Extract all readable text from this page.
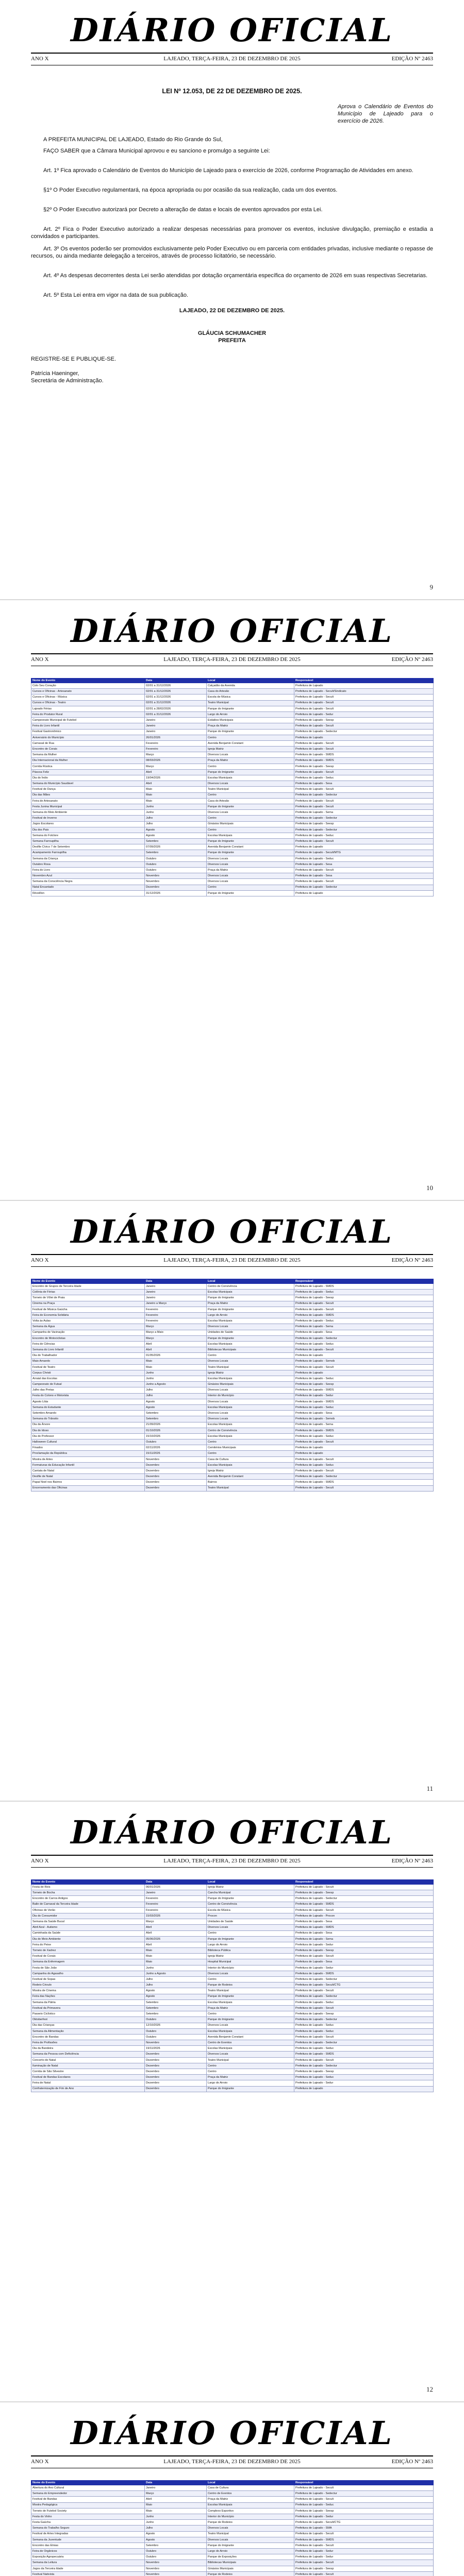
DIÁRIO OFICIAL
ANO X	LAJEADO, TERÇA-FEIRA, 23 DE DEZEMBRO DE 2025	EDIÇÃO Nº 2463
LEI Nº 12.053, DE 22 DE DEZEMBRO DE 2025.
Aprova o Calendário de Eventos do Município de Lajeado para o exercício de 2026.
A PREFEITA MUNICIPAL DE LAJEADO, Estado do Rio Grande do Sul,
FAÇO SABER que a Câmara Municipal aprovou e eu sanciono e promulgo a seguinte Lei:
Art. 1º Fica aprovado o Calendário de Eventos do Município de Lajeado para o exercício de 2026, conforme Programação de Atividades em anexo.
§1º O Poder Executivo regulamentará, na época apropriada ou por ocasião da sua realização, cada um dos eventos.
§2º O Poder Executivo autorizará por Decreto a alteração de datas e locais de eventos aprovados por esta Lei.
Art. 2º Fica o Poder Executivo autorizado a realizar despesas necessárias para promover os eventos, inclusive divulgação, premiação e estadia a convidados e participantes.
Art. 3º Os eventos poderão ser promovidos exclusivamente pelo Poder Executivo ou em parceria com entidades privadas, inclusive mediante o repasse de recursos, ou ainda mediante delegação a terceiros, através de processo licitatório, se necessário.
Art. 4º As despesas decorrentes desta Lei serão atendidas por dotação orçamentária específica do orçamento de 2026 em suas respectivas Secretarias.
Art. 5º Esta Lei entra em vigor na data de sua publicação.
LAJEADO, 22 DE DEZEMBRO DE 2025.
GLÁUCIA SCHUMACHER
PREFEITA
REGISTRE-SE E PUBLIQUE-SE.
Patrícia Haeninger,
Secretária de Administração.
9
DIÁRIO OFICIAL
ANO X	LAJEADO, TERÇA-FEIRA, 23 DE DEZEMBRO DE 2025	EDIÇÃO Nº 2463
Nome do Evento	Data	Local	Responsável
Colo Seu Coração	02/01 a 31/12/2026	Calçadão da Avenida	Prefeitura de Lajeado
Cursos e Oficinas - Artesanato	02/01 a 31/12/2026	Casa do Artesão	Prefeitura de Lajeado - Secult/Sindicato
Cursos e Oficinas - Música	02/01 a 31/12/2026	Escola de Música	Prefeitura de Lajeado - Secult
Cursos e Oficinas - Teatro	02/01 a 31/12/2026	Teatro Municipal	Prefeitura de Lajeado - Secult
Lajeado Férias	02/01 a 28/02/2026	Parque do Imigrante	Prefeitura de Lajeado - Secult
Feira do Produtor Rural	02/01 a 31/12/2026	Largo do Arroio	Prefeitura de Lajeado - Sedur
Campeonato Municipal de Futebol	Janeiro	Estádios Municipais	Prefeitura de Lajeado - Seesp
Feira do Livro Infantil	Janeiro	Praça da Matriz	Prefeitura de Lajeado - Secult
Festival Gastronômico	Janeiro	Parque do Imigrante	Prefeitura de Lajeado - Sedectur
Aniversário do Município	26/01/2026	Centro	Prefeitura de Lajeado
Carnaval de Rua	Fevereiro	Avenida Benjamin Constant	Prefeitura de Lajeado - Secult
Encontro de Corais	Fevereiro	Igreja Matriz	Prefeitura de Lajeado - Secult
Semana da Mulher	Março	Diversos Locais	Prefeitura de Lajeado - SMDS
Dia Internacional da Mulher	08/03/2026	Praça da Matriz	Prefeitura de Lajeado - SMDS
Corrida Rústica	Março	Centro	Prefeitura de Lajeado - Seesp
Páscoa Feliz	Abril	Parque do Imigrante	Prefeitura de Lajeado - Secult
Dia do Índio	19/04/2026	Escolas Municipais	Prefeitura de Lajeado - Seduc
Semana do Município Saudável	Abril	Diversos Locais	Prefeitura de Lajeado - Sesa
Festival de Dança	Maio	Teatro Municipal	Prefeitura de Lajeado - Secult
Dia das Mães	Maio	Centro	Prefeitura de Lajeado - Sedectur
Feira de Artesanato	Maio	Casa do Artesão	Prefeitura de Lajeado - Secult
Festa Junina Municipal	Junho	Parque do Imigrante	Prefeitura de Lajeado - Secult
Semana do Meio Ambiente	Junho	Diversos Locais	Prefeitura de Lajeado - Sema
Festival de Inverno	Julho	Centro	Prefeitura de Lajeado - Sedectur
Jogos Escolares	Julho	Ginásios Municipais	Prefeitura de Lajeado - Seesp
Dia dos Pais	Agosto	Centro	Prefeitura de Lajeado - Sedectur
Semana do Folclore	Agosto	Escolas Municipais	Prefeitura de Lajeado - Seduc
Semana Farroupilha	Setembro	Parque do Imigrante	Prefeitura de Lajeado - Secult
Desfile Cívico 7 de Setembro	07/09/2026	Avenida Benjamin Constant	Prefeitura de Lajeado
Acampamento Farroupilha	Setembro	Parque do Imigrante	Prefeitura de Lajeado - Secult/MTG
Semana da Criança	Outubro	Diversos Locais	Prefeitura de Lajeado - Seduc
Outubro Rosa	Outubro	Diversos Locais	Prefeitura de Lajeado - Sesa
Feira do Livro	Outubro	Praça da Matriz	Prefeitura de Lajeado - Secult
Novembro Azul	Novembro	Diversos Locais	Prefeitura de Lajeado - Sesa
Semana da Consciência Negra	Novembro	Diversos Locais	Prefeitura de Lajeado - Secult
Natal Encantado	Dezembro	Centro	Prefeitura de Lajeado - Sedectur
Réveillon	31/12/2026	Parque do Imigrante	Prefeitura de Lajeado
10
DIÁRIO OFICIAL
ANO X	LAJEADO, TERÇA-FEIRA, 23 DE DEZEMBRO DE 2025	EDIÇÃO Nº 2463
Nome do Evento	Data	Local	Responsável
Encontro de Grupos de Terceira Idade	Janeiro	Centro de Convivência	Prefeitura de Lajeado - SMDS
Colônia de Férias	Janeiro	Escolas Municipais	Prefeitura de Lajeado - Seduc
Torneio de Vôlei de Praia	Janeiro	Parque do Imigrante	Prefeitura de Lajeado - Seesp
Cinema na Praça	Janeiro a Março	Praça da Matriz	Prefeitura de Lajeado - Secult
Festival de Música Gaúcha	Fevereiro	Parque do Imigrante	Prefeitura de Lajeado - Secult
Feira de Economia Solidária	Fevereiro	Largo do Arroio	Prefeitura de Lajeado - SMDS
Volta às Aulas	Fevereiro	Escolas Municipais	Prefeitura de Lajeado - Seduc
Semana da Água	Março	Diversos Locais	Prefeitura de Lajeado - Sema
Campanha de Vacinação	Março a Maio	Unidades de Saúde	Prefeitura de Lajeado - Sesa
Encontro de Motociclistas	Março	Parque do Imigrante	Prefeitura de Lajeado - Sedectur
Feira de Ciências	Abril	Escolas Municipais	Prefeitura de Lajeado - Seduc
Semana do Livro Infantil	Abril	Bibliotecas Municipais	Prefeitura de Lajeado - Secult
Dia do Trabalhador	01/05/2026	Centro	Prefeitura de Lajeado
Maio Amarelo	Maio	Diversos Locais	Prefeitura de Lajeado - Semob
Festival de Teatro	Maio	Teatro Municipal	Prefeitura de Lajeado - Secult
Corpus Christi	Junho	Igreja Matriz	Prefeitura de Lajeado
Arraial das Escolas	Junho	Escolas Municipais	Prefeitura de Lajeado - Seduc
Campeonato de Futsal	Junho a Agosto	Ginásios Municipais	Prefeitura de Lajeado - Seesp
Julho das Pretas	Julho	Diversos Locais	Prefeitura de Lajeado - SMDS
Festa do Colono e Motorista	Julho	Interior do Município	Prefeitura de Lajeado - Sedur
Agosto Lilás	Agosto	Diversos Locais	Prefeitura de Lajeado - SMDS
Semana do Estudante	Agosto	Escolas Municipais	Prefeitura de Lajeado - Seduc
Setembro Amarelo	Setembro	Diversos Locais	Prefeitura de Lajeado - Sesa
Semana do Trânsito	Setembro	Diversos Locais	Prefeitura de Lajeado - Semob
Dia da Árvore	21/09/2026	Escolas Municipais	Prefeitura de Lajeado - Sema
Dia do Idoso	01/10/2026	Centro de Convivência	Prefeitura de Lajeado - SMDS
Dia do Professor	15/10/2026	Escolas Municipais	Prefeitura de Lajeado - Seduc
Halloween Cultural	Outubro	Centro	Prefeitura de Lajeado - Secult
Finados	02/11/2026	Cemitérios Municipais	Prefeitura de Lajeado
Proclamação da República	15/11/2026	Centro	Prefeitura de Lajeado
Mostra de Artes	Novembro	Casa de Cultura	Prefeitura de Lajeado - Secult
Formaturas da Educação Infantil	Dezembro	Escolas Municipais	Prefeitura de Lajeado - Seduc
Cantata de Natal	Dezembro	Igreja Matriz	Prefeitura de Lajeado - Secult
Desfile de Natal	Dezembro	Avenida Benjamin Constant	Prefeitura de Lajeado - Sedectur
Papai Noel nos Bairros	Dezembro	Bairros	Prefeitura de Lajeado - SMDS
Encerramento das Oficinas	Dezembro	Teatro Municipal	Prefeitura de Lajeado - Secult
11
DIÁRIO OFICIAL
ANO X	LAJEADO, TERÇA-FEIRA, 23 DE DEZEMBRO DE 2025	EDIÇÃO Nº 2463
Nome do Evento	Data	Local	Responsável
Festa de Reis	06/01/2026	Igreja Matriz	Prefeitura de Lajeado - Secult
Torneio de Bocha	Janeiro	Cancha Municipal	Prefeitura de Lajeado - Seesp
Encontro de Carros Antigos	Fevereiro	Parque do Imigrante	Prefeitura de Lajeado - Sedectur
Baile de Carnaval da Terceira Idade	Fevereiro	Centro de Convivência	Prefeitura de Lajeado - SMDS
Oficinas de Verão	Fevereiro	Escola de Música	Prefeitura de Lajeado - Secult
Dia do Consumidor	15/03/2026	Procon	Prefeitura de Lajeado - Procon
Semana da Saúde Bucal	Março	Unidades de Saúde	Prefeitura de Lajeado - Sesa
Abril Azul - Autismo	Abril	Diversos Locais	Prefeitura de Lajeado - SMDS
Caminhada da Saúde	Abril	Centro	Prefeitura de Lajeado - Sesa
Dia do Meio Ambiente	05/06/2026	Parque do Imigrante	Prefeitura de Lajeado - Sema
Feira do Peixe	Abril	Largo do Arroio	Prefeitura de Lajeado - Sedur
Torneio de Xadrez	Maio	Biblioteca Pública	Prefeitura de Lajeado - Seesp
Festival de Corais	Maio	Igreja Matriz	Prefeitura de Lajeado - Secult
Semana da Enfermagem	Maio	Hospital Municipal	Prefeitura de Lajeado - Sesa
Festa de São João	Junho	Interior do Município	Prefeitura de Lajeado - Sedur
Campanha do Agasalho	Junho a Agosto	Diversos Locais	Prefeitura de Lajeado - SMDS
Festival de Sopas	Julho	Centro	Prefeitura de Lajeado - Sedectur
Rodeio Crioulo	Julho	Parque de Rodeios	Prefeitura de Lajeado - Secult/CTG
Mostra de Cinema	Agosto	Teatro Municipal	Prefeitura de Lajeado - Secult
Feira das Nações	Agosto	Parque do Imigrante	Prefeitura de Lajeado - Sedectur
Semana da Pátria	Setembro	Escolas Municipais	Prefeitura de Lajeado - Seduc
Festival da Primavera	Setembro	Praça da Matriz	Prefeitura de Lajeado - Secult
Passeio Ciclístico	Setembro	Centro	Prefeitura de Lajeado - Seesp
Oktoberfest	Outubro	Parque do Imigrante	Prefeitura de Lajeado - Sedectur
Dia das Crianças	12/10/2026	Diversos Locais	Prefeitura de Lajeado - Seduc
Semana da Alimentação	Outubro	Escolas Municipais	Prefeitura de Lajeado - Seduc
Encontro de Bandas	Outubro	Avenida Benjamin Constant	Prefeitura de Lajeado - Secult
Feira de Profissões	Novembro	Centro de Eventos	Prefeitura de Lajeado - Sedectur
Dia da Bandeira	19/11/2026	Escolas Municipais	Prefeitura de Lajeado - Seduc
Semana da Pessoa com Deficiência	Dezembro	Diversos Locais	Prefeitura de Lajeado - SMDS
Concerto de Natal	Dezembro	Teatro Municipal	Prefeitura de Lajeado - Secult
Iluminação de Natal	Dezembro	Centro	Prefeitura de Lajeado - Sedectur
Corrida de São Silvestre	Dezembro	Centro	Prefeitura de Lajeado - Seesp
Festival de Bandas Escolares	Dezembro	Praça da Matriz	Prefeitura de Lajeado - Seduc
Feira de Natal	Dezembro	Largo do Arroio	Prefeitura de Lajeado - Sedur
Confraternização de Fim de Ano	Dezembro	Parque do Imigrante	Prefeitura de Lajeado
12
DIÁRIO OFICIAL
ANO X	LAJEADO, TERÇA-FEIRA, 23 DE DEZEMBRO DE 2025	EDIÇÃO Nº 2463
Nome do Evento	Data	Local	Responsável
Abertura do Ano Cultural	Janeiro	Casa de Cultura	Prefeitura de Lajeado - Secult
Semana do Empreendedor	Março	Centro de Eventos	Prefeitura de Lajeado - Sedectur
Festival de Bandas	Abril	Praça da Matriz	Prefeitura de Lajeado - Secult
Mostra Pedagógica	Maio	Escolas Municipais	Prefeitura de Lajeado - Seduc
Torneio de Futebol Society	Maio	Complexo Esportivo	Prefeitura de Lajeado - Seesp
Festa do Vinho	Junho	Interior do Município	Prefeitura de Lajeado - Sedur
Festa Gaúcha	Junho	Parque de Rodeios	Prefeitura de Lajeado - Secult/CTG
Semana do Trabalho Seguro	Julho	Diversos Locais	Prefeitura de Lajeado - SMA
Festival de Artes Integradas	Agosto	Teatro Municipal	Prefeitura de Lajeado - Secult
Semana da Juventude	Agosto	Diversos Locais	Prefeitura de Lajeado - SMDS
Encontro das Etnias	Setembro	Parque do Imigrante	Prefeitura de Lajeado - Secult
Feira de Orgânicos	Outubro	Largo do Arroio	Prefeitura de Lajeado - Sedur
Exposição Agropecuária	Outubro	Parque de Exposições	Prefeitura de Lajeado - Sedur
Semana da Leitura	Novembro	Bibliotecas Municipais	Prefeitura de Lajeado - Secult
Jogos da Terceira Idade	Novembro	Ginásios Municipais	Prefeitura de Lajeado - Seesp
Festival Nativista	Novembro	Parque de Rodeios	Prefeitura de Lajeado - Secult
